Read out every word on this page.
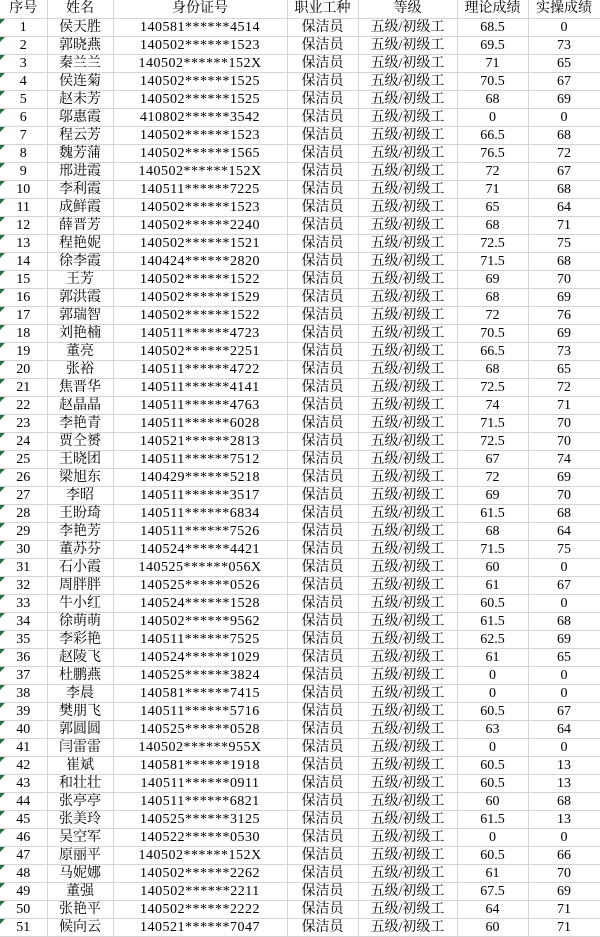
序号	姓名	身份证号	职业工种	等级	理论成绩	实操成绩

1	侯天胜	140581******4514	保洁员	五级/初级工	68.5	0

2	郭晓燕	140502******1523	保洁员	五级/初级工	69.5	73

3	秦兰兰	140502******152X	保洁员	五级/初级工	71	65

4	侯连菊	140502******1525	保洁员	五级/初级工	70.5	67

5	赵未芳	140502******1525	保洁员	五级/初级工	68	69

6	邬惠霞	410802******3542	保洁员	五级/初级工	0	0

7	程云芳	140502******1523	保洁员	五级/初级工	66.5	68

8	魏芳蒲	140502******1565	保洁员	五级/初级工	76.5	72

9	邢进霞	140502******152X	保洁员	五级/初级工	72	67

10	李利霞	140511******7225	保洁员	五级/初级工	71	68

11	成鲜霞	140502******1523	保洁员	五级/初级工	65	64

12	薛晋芳	140502******2240	保洁员	五级/初级工	68	71

13	程艳妮	140502******1521	保洁员	五级/初级工	72.5	75

14	徐李霞	140424******2820	保洁员	五级/初级工	71.5	68

15	王芳	140502******1522	保洁员	五级/初级工	69	70

16	郭洪霞	140502******1529	保洁员	五级/初级工	68	69

17	郭瑞智	140502******1522	保洁员	五级/初级工	72	76

18	刘艳楠	140511******4723	保洁员	五级/初级工	70.5	69

19	董亮	140502******2251	保洁员	五级/初级工	66.5	73

20	张裕	140511******4722	保洁员	五级/初级工	68	65

21	焦晋华	140511******4141	保洁员	五级/初级工	72.5	72

22	赵晶晶	140511******4763	保洁员	五级/初级工	74	71

23	李艳青	140511******6028	保洁员	五级/初级工	71.5	70

24	贾仝赟	140521******2813	保洁员	五级/初级工	72.5	70

25	王晓团	140511******7512	保洁员	五级/初级工	67	74

26	梁旭东	140429******5218	保洁员	五级/初级工	72	69

27	李昭	140511******3517	保洁员	五级/初级工	69	70

28	王盼琦	140511******6834	保洁员	五级/初级工	61.5	68

29	李艳芳	140511******7526	保洁员	五级/初级工	68	64

30	董苏芬	140524******4421	保洁员	五级/初级工	71.5	75

31	石小霞	140525******056X	保洁员	五级/初级工	60	0

32	周胖胖	140525******0526	保洁员	五级/初级工	61	67

33	牛小红	140524******1528	保洁员	五级/初级工	60.5	0

34	徐萌萌	140502******9562	保洁员	五级/初级工	61.5	68

35	李彩艳	140511******7525	保洁员	五级/初级工	62.5	69

36	赵陵飞	140524******1029	保洁员	五级/初级工	61	65

37	杜鹏燕	140525******3824	保洁员	五级/初级工	0	0

38	李晨	140581******7415	保洁员	五级/初级工	0	0

39	樊朋飞	140511******5716	保洁员	五级/初级工	60.5	67

40	郭圆圆	140525******0528	保洁员	五级/初级工	63	64

41	闫雷雷	140502******955X	保洁员	五级/初级工	0	0

42	崔斌	140581******1918	保洁员	五级/初级工	60.5	13

43	和壮壮	140511******0911	保洁员	五级/初级工	60.5	13

44	张亭亭	140511******6821	保洁员	五级/初级工	60	68

45	张美玲	140525******3125	保洁员	五级/初级工	61.5	13

46	吴空军	140522******0530	保洁员	五级/初级工	0	0

47	原丽平	140502******152X	保洁员	五级/初级工	60.5	66

48	马妮娜	140502******2262	保洁员	五级/初级工	61	70

49	董强	140502******2211	保洁员	五级/初级工	67.5	69

50	张艳平	140502******2222	保洁员	五级/初级工	64	71

51	候向云	140521******7047	保洁员	五级/初级工	60	71
